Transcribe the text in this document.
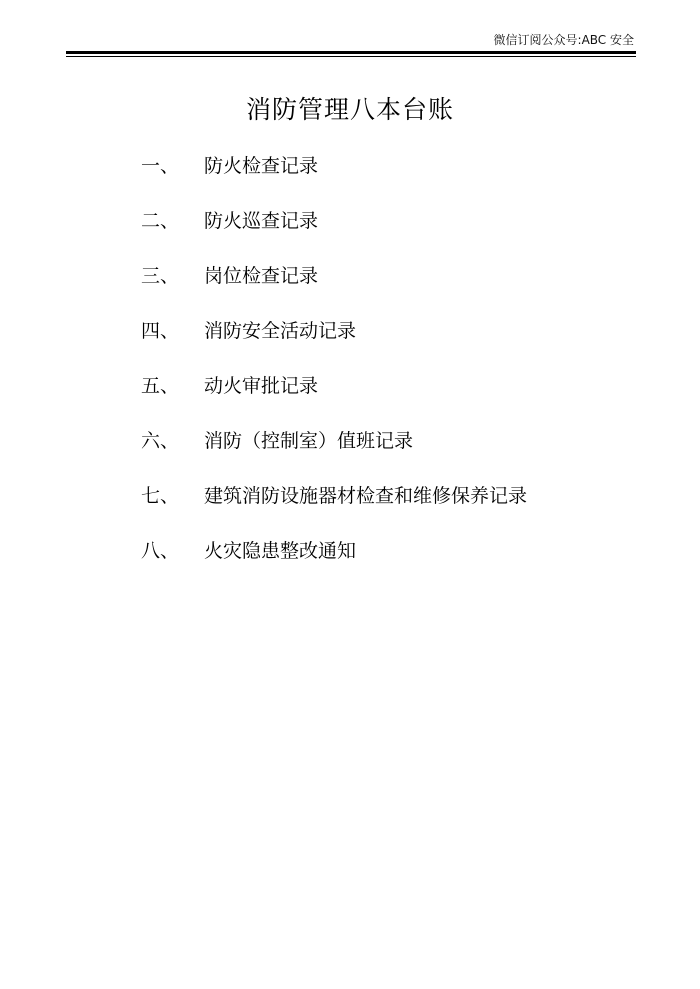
微信订阅公众号:ABC 安全
消防管理八本台账
一、	防火检查记录
二、	防火巡查记录
三、	岗位检查记录
四、	消防安全活动记录
五、	动火审批记录
六、	消防（控制室）值班记录
七、	建筑消防设施器材检查和维修保养记录
八、	火灾隐患整改通知
